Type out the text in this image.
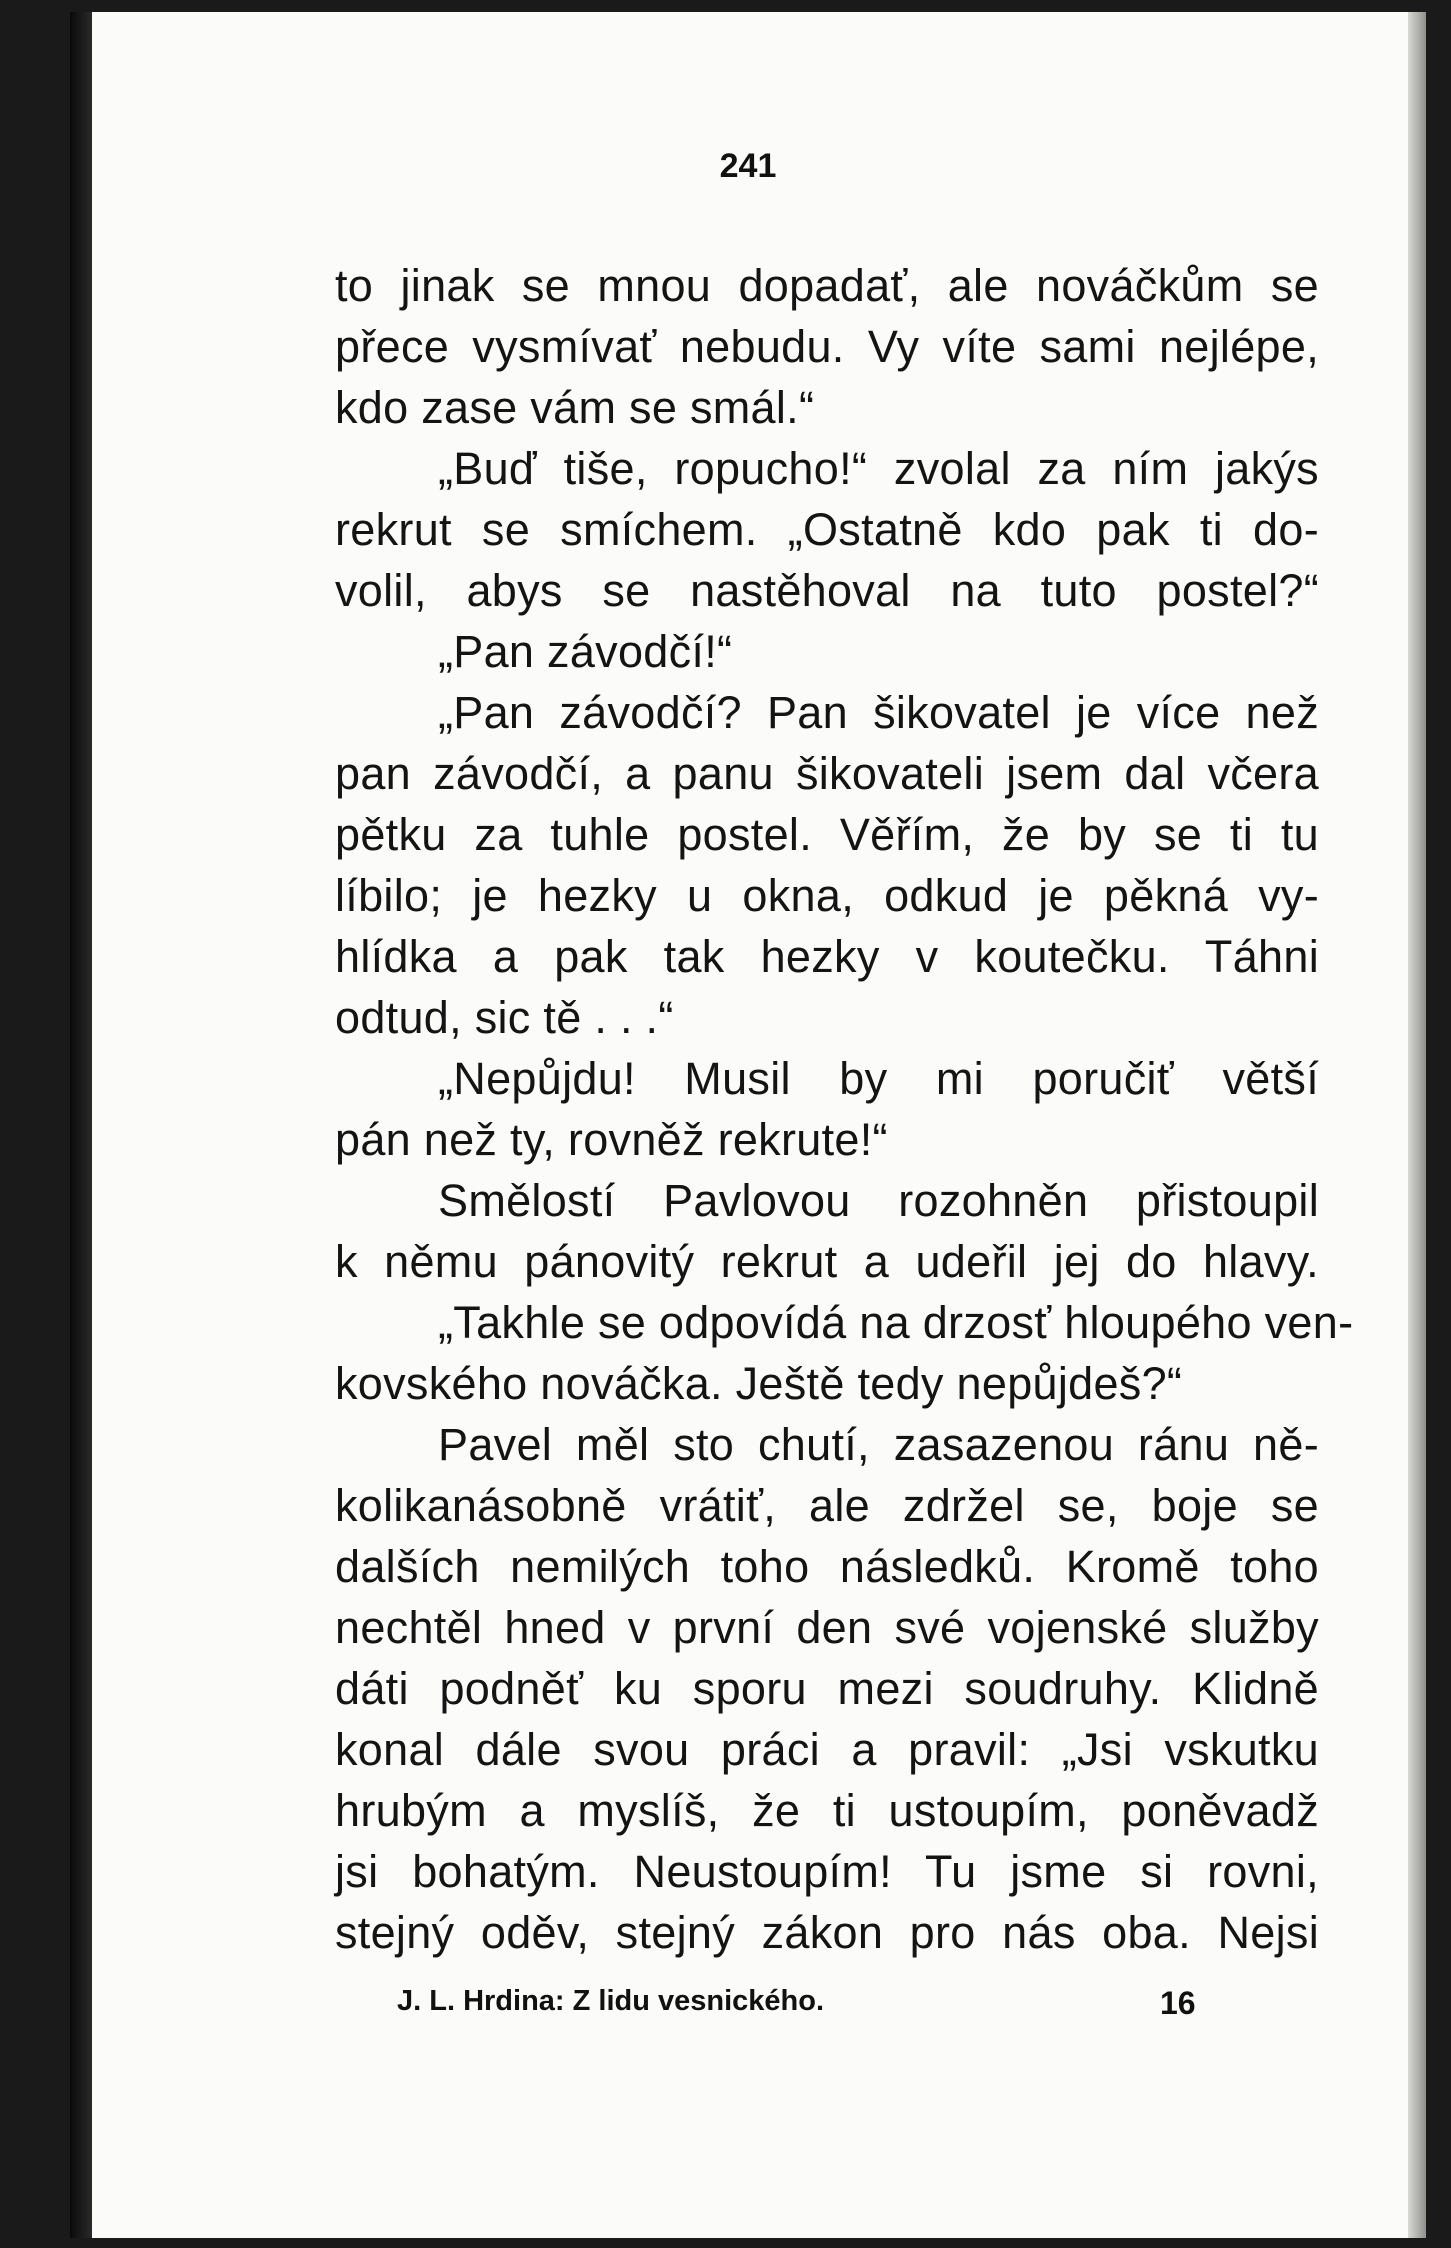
241
to jinak se mnou dopadať, ale nováčkům se
přece vysmívať nebudu. Vy víte sami nejlépe,
kdo zase vám se smál.“
„Buď tiše, ropucho!“ zvolal za ním jakýs
rekrut se smíchem. „Ostatně kdo pak ti do-
volil, abys se nastěhoval na tuto postel?“
„Pan závodčí!“
„Pan závodčí? Pan šikovatel je více než
pan závodčí, a panu šikovateli jsem dal včera
pětku za tuhle postel. Věřím, že by se ti tu
líbilo; je hezky u okna, odkud je pěkná vy-
hlídka a pak tak hezky v koutečku. Táhni
odtud, sic tě . . .“
„Nepůjdu! Musil by mi poručiť větší
pán než ty, rovněž rekrute!“
Smělostí Pavlovou rozohněn přistoupil
k němu pánovitý rekrut a udeřil jej do hlavy.
„Takhle se odpovídá na drzosť hloupého ven-
kovského nováčka. Ještě tedy nepůjdeš?“
Pavel měl sto chutí, zasazenou ránu ně-
kolikanásobně vrátiť, ale zdržel se, boje se
dalších nemilých toho následků. Kromě toho
nechtěl hned v první den své vojenské služby
dáti podněť ku sporu mezi soudruhy. Klidně
konal dále svou práci a pravil: „Jsi vskutku
hrubým a myslíš, že ti ustoupím, poněvadž
jsi bohatým. Neustoupím! Tu jsme si rovni,
stejný oděv, stejný zákon pro nás oba. Nejsi
J. L. Hrdina: Z lidu vesnického.	16
